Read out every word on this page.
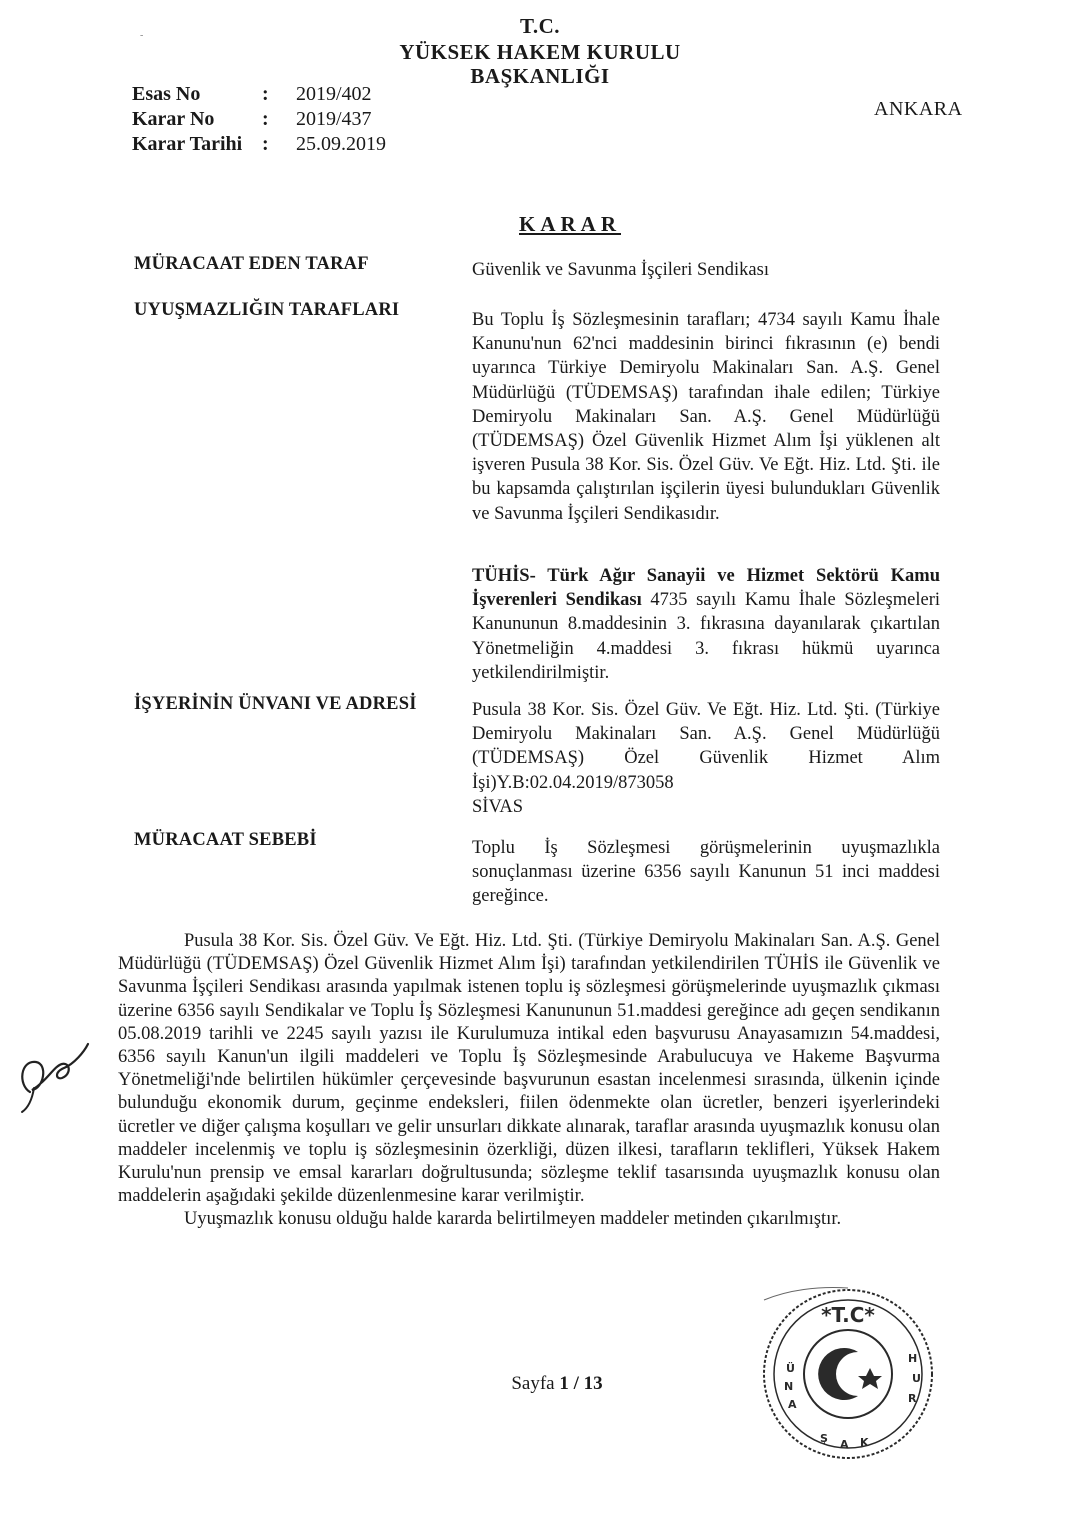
-	T.C.
YÜKSEK HAKEM KURULU
BAŞKANLIĞI
Esas No	:	2019/402
Karar No	:	2019/437
Karar Tarihi :	25.09.2019
ANKARA
KARAR
MÜRACAAT EDEN TARAF	Güvenlik ve Savunma İşçileri Sendikası
UYUŞMAZLIĞIN TARAFLARI	Bu Toplu İş Sözleşmesinin tarafları; 4734 sayılı Kamu İhale Kanunu'nun 62'nci maddesinin birinci fıkrasının (e) bendi uyarınca Türkiye Demiryolu Makinaları San. A.Ş. Genel Müdürlüğü (TÜDEMSAŞ) tarafından ihale edilen; Türkiye Demiryolu Makinaları San. A.Ş. Genel Müdürlüğü (TÜDEMSAŞ) Özel Güvenlik Hizmet Alım İşi yüklenen alt işveren Pusula 38 Kor. Sis. Özel Güv. Ve Eğt. Hiz. Ltd. Şti. ile bu kapsamda çalıştırılan işçilerin üyesi bulundukları Güvenlik ve Savunma İşçileri Sendikasıdır.
TÜHİS- Türk Ağır Sanayii ve Hizmet Sektörü Kamu İşverenleri Sendikası 4735 sayılı Kamu İhale Sözleşmeleri Kanununun 8.maddesinin 3. fıkrasına dayanılarak çıkartılan Yönetmeliğin 4.maddesi 3. fıkrası hükmü uyarınca yetkilendirilmiştir.
İŞYERİNİN ÜNVANI VE ADRESİ	Pusula 38 Kor. Sis. Özel Güv. Ve Eğt. Hiz. Ltd. Şti. (Türkiye Demiryolu Makinaları San. A.Ş. Genel Müdürlüğü (TÜDEMSAŞ) Özel Güvenlik Hizmet Alım İşi)Y.B:02.04.2019/873058
SİVAS
MÜRACAAT SEBEBİ	Toplu İş Sözleşmesi görüşmelerinin uyuşmazlıkla sonuçlanması üzerine 6356 sayılı Kanunun 51 inci maddesi gereğince.

Pusula 38 Kor. Sis. Özel Güv. Ve Eğt. Hiz. Ltd. Şti. (Türkiye Demiryolu Makinaları San. A.Ş. Genel Müdürlüğü (TÜDEMSAŞ) Özel Güvenlik Hizmet Alım İşi) tarafından yetkilendirilen TÜHİS ile Güvenlik ve Savunma İşçileri Sendikası arasında yapılmak istenen toplu iş sözleşmesi görüşmelerinde uyuşmazlık çıkması üzerine 6356 sayılı Sendikalar ve Toplu İş Sözleşmesi Kanununun 51.maddesi gereğince adı geçen sendikanın 05.08.2019 tarihli ve 2245 sayılı yazısı ile Kurulumuza intikal eden başvurusu Anayasamızın 54.maddesi, 6356 sayılı Kanun'un ilgili maddeleri ve Toplu İş Sözleşmesinde Arabulucuya ve Hakeme Başvurma Yönetmeliği'nde belirtilen hükümler çerçevesinde başvurunun esastan incelenmesi sırasında, ülkenin içinde bulunduğu ekonomik durum, geçinme endeksleri, fiilen ödenmekte olan ücretler, benzeri işyerlerindeki ücretler ve diğer çalışma koşulları ve gelir unsurları dikkate alınarak, taraflar arasında uyuşmazlık konusu olan maddeler incelenmiş ve toplu iş sözleşmesinin özerkliği, düzen ilkesi, tarafların teklifleri, Yüksek Hakem Kurulu'nun prensip ve emsal kararları doğrultusunda; sözleşme teklif tasarısında uyuşmazlık konusu olan maddelerin aşağıdaki şekilde düzenlenmesine karar verilmiştir.

Uyuşmazlık konusu olduğu halde kararda belirtilmeyen maddeler metinden çıkarılmıştır.

*T.C*
Ü
N
A
H
U
R
Ş A K
Sayfa 1 / 13
